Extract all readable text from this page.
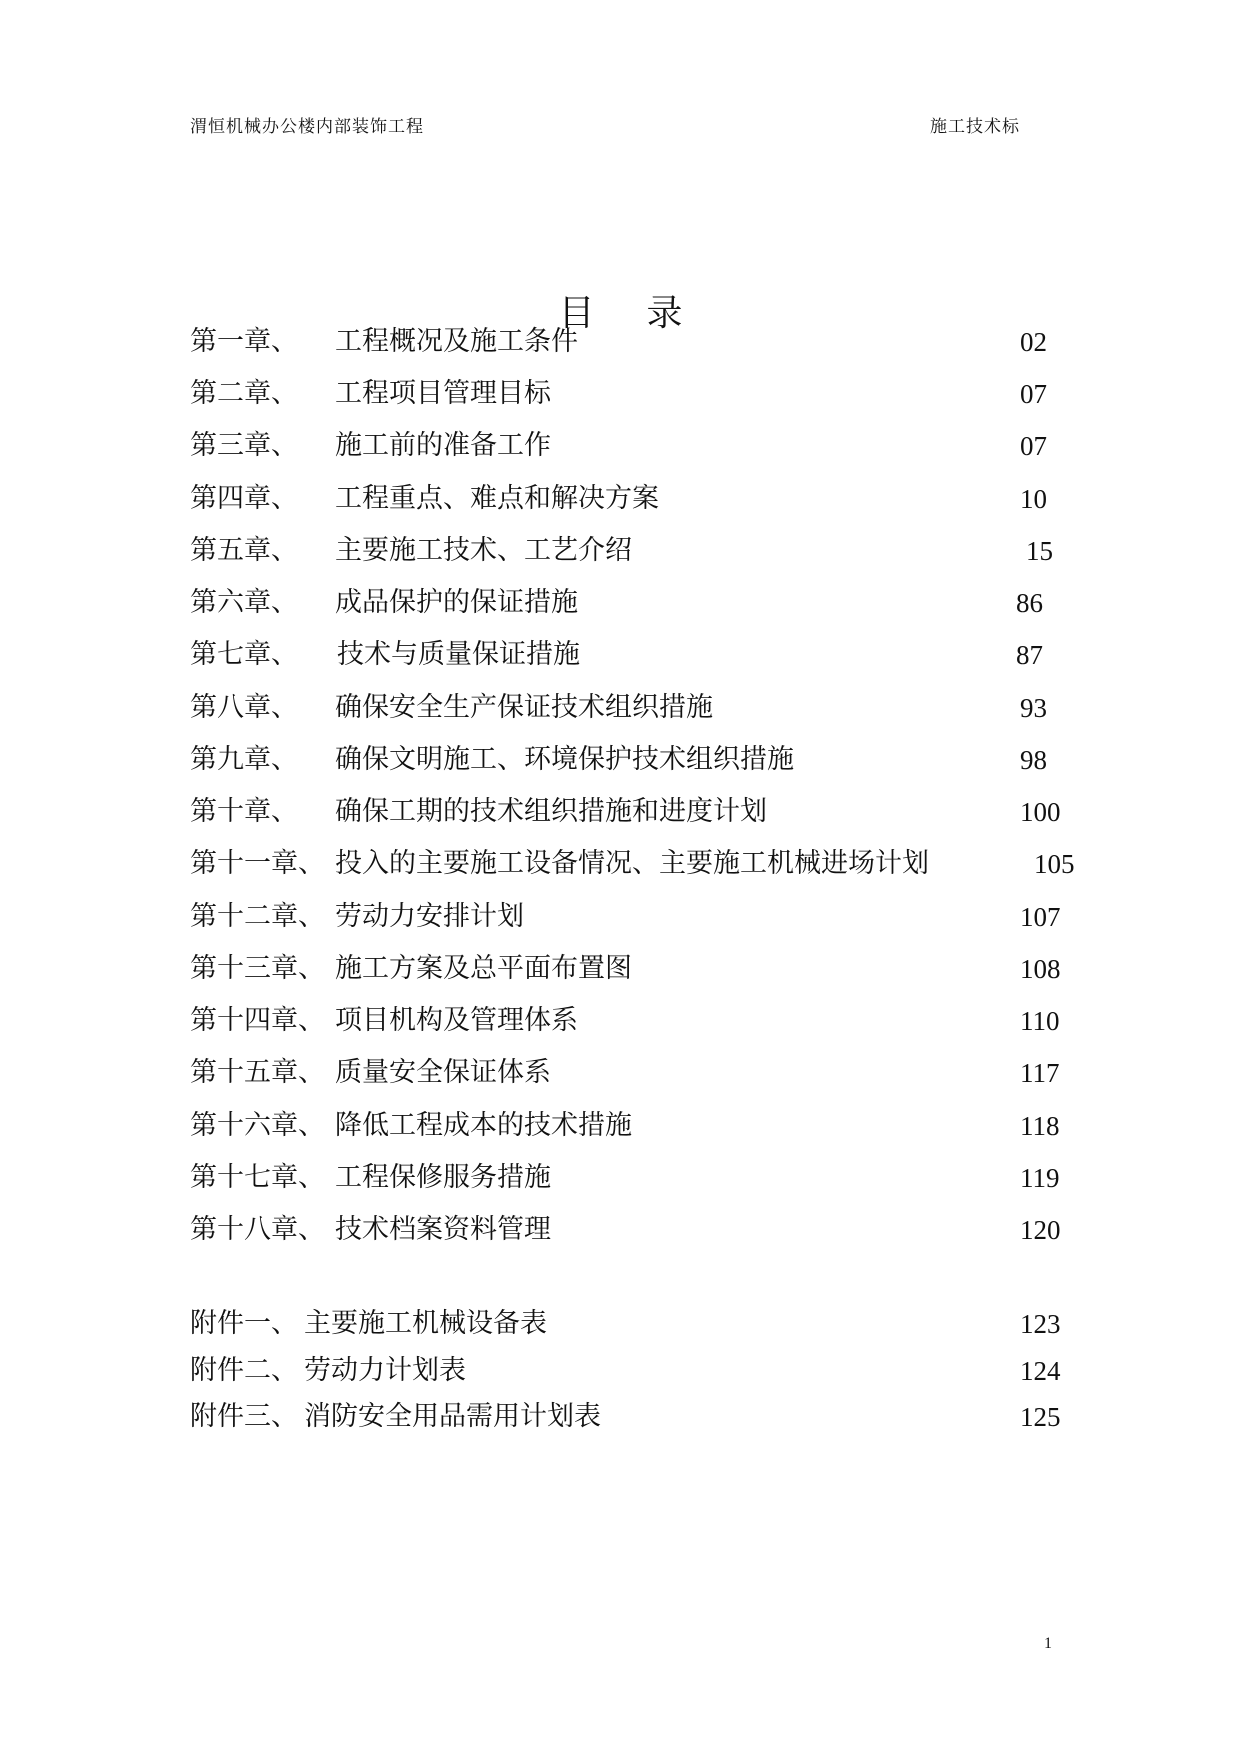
渭恒机械办公楼内部装饰工程	施工技术标
目 录
第一章、 工程概况及施工条件	02
第二章、 工程项目管理目标	07
第三章、 施工前的准备工作	07
第四章、 工程重点、难点和解决方案	10
第五章、 主要施工技术、工艺介绍	15
第六章、 成品保护的保证措施	86
第七章、 技术与质量保证措施	87
第八章、 确保安全生产保证技术组织措施	93
第九章、 确保文明施工、环境保护技术组织措施	98
第十章、 确保工期的技术组织措施和进度计划	100
第十一章、 投入的主要施工设备情况、主要施工机械进场计划	105
第十二章、 劳动力安排计划	107
第十三章、 施工方案及总平面布置图	108
第十四章、 项目机构及管理体系	110
第十五章、 质量安全保证体系	117
第十六章、 降低工程成本的技术措施	118
第十七章、 工程保修服务措施	119
第十八章、 技术档案资料管理	120
附件一、 主要施工机械设备表	123
附件二、 劳动力计划表	124
附件三、 消防安全用品需用计划表	125
1
